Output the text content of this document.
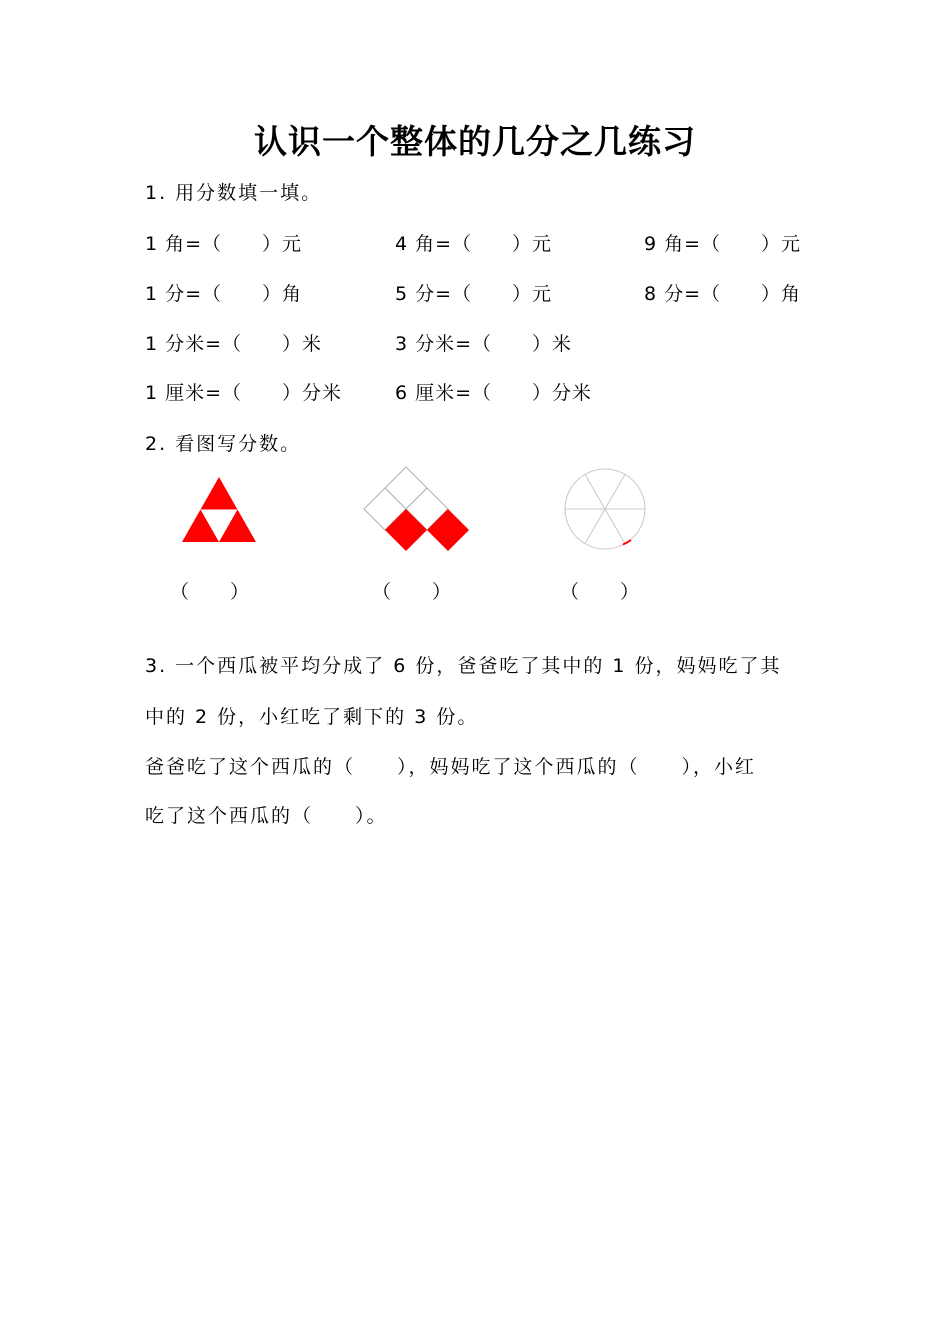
认识一个整体的几分之几练习
1. 用分数填一填。
1 角=（　　）元	4 角=（　　）元	9 角=（　　）元
1 分=（　　）角	5 分=（　　）元	8 分=（　　）角
1 分米=（　　）米	3 分米=（　　）米
1 厘米=（　　）分米	6 厘米=（　　）分米
2. 看图写分数。
（　　）	（　　）	（　　）
3. 一个西瓜被平均分成了 6 份，爸爸吃了其中的 1 份，妈妈吃了其
中的 2 份，小红吃了剩下的 3 份。
爸爸吃了这个西瓜的（　　），妈妈吃了这个西瓜的（　　），小红
吃了这个西瓜的（　　）。
